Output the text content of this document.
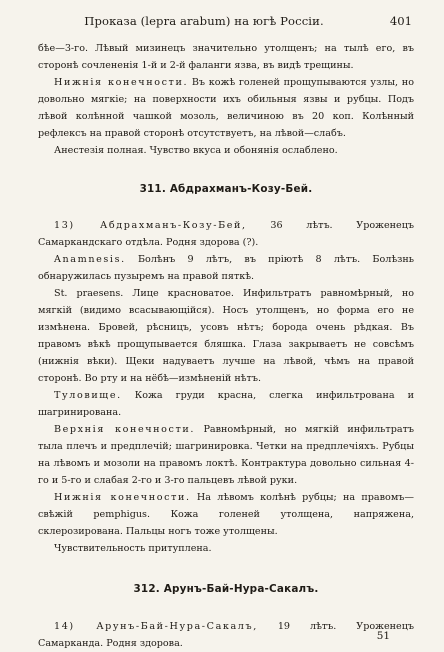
Проказа (lepra arabum) на югѣ Россiи.	401

бѣе—3-го. Лѣвый мизинецъ значительно утолщенъ; на тылѣ его, въ сторонѣ сочлененiя 1-й и 2-й фаланги язва, въ видѣ трещины.

Нижнiя конечности. Въ кожѣ голеней прощупываются узлы, но довольно мягкiе; на поверхности ихъ обильныя язвы и рубцы. Подъ лѣвой колѣнной чашкой мозоль, величиною въ 20 коп. Колѣнный рефлексъ на правой сторонѣ отсутствуетъ, на лѣвой—слабъ.

Анестезiя полная. Чувство вкуса и обонянiя ослаблено.

311. Абдрахманъ-Козу-Бей.

13) Абдрахманъ-Козу-Бей, 36 лѣтъ. Уроженецъ Самаркандскаго отдѣла. Родня здорова (?).

Anamnesis. Болѣнъ 9 лѣтъ, въ прiютѣ 8 лѣтъ. Болѣзнь обнаружилась пузыремъ на правой пяткѣ.

St. praesens. Лице красноватое. Инфильтратъ равномѣрный, но мягкiй (видимо всасывающiйся). Носъ утолщенъ, но форма его не измѣнена. Бровей, рѣсницъ, усовъ нѣтъ; борода очень рѣдкая. Въ правомъ вѣкѣ прощупывается бляшка. Глаза закрываетъ не совсѣмъ (нижнiя вѣки). Щеки надуваетъ лучше на лѣвой, чѣмъ на правой сторонѣ. Во рту и на нёбѣ—измѣненiй нѣтъ.

Туловище. Кожа груди красна, слегка инфильтрована и шагринирована.

Верхнiя конечности. Равномѣрный, но мягкiй инфильтратъ тыла плечъ и предплечiй; шагринировка. Четки на предплечiяхъ. Рубцы на лѣвомъ и мозоли на правомъ локтѣ. Контрактура довольно сильная 4-го и 5-го и слабая 2-го и 3-го пальцевъ лѣвой руки.

Нижнiя конечности. На лѣвомъ колѣнѣ рубцы; на правомъ—свѣжiй pemphigus. Кожа голеней утолщена, напряжена, склерозирована. Пальцы ногъ тоже утолщены.

Чувствительность притуплена.

312. Арунъ-Бай-Нура-Сакалъ.

14) Арунъ-Бай-Нура-Сакалъ, 19 лѣтъ. Уроженецъ Самарканда. Родня здорова.

51
